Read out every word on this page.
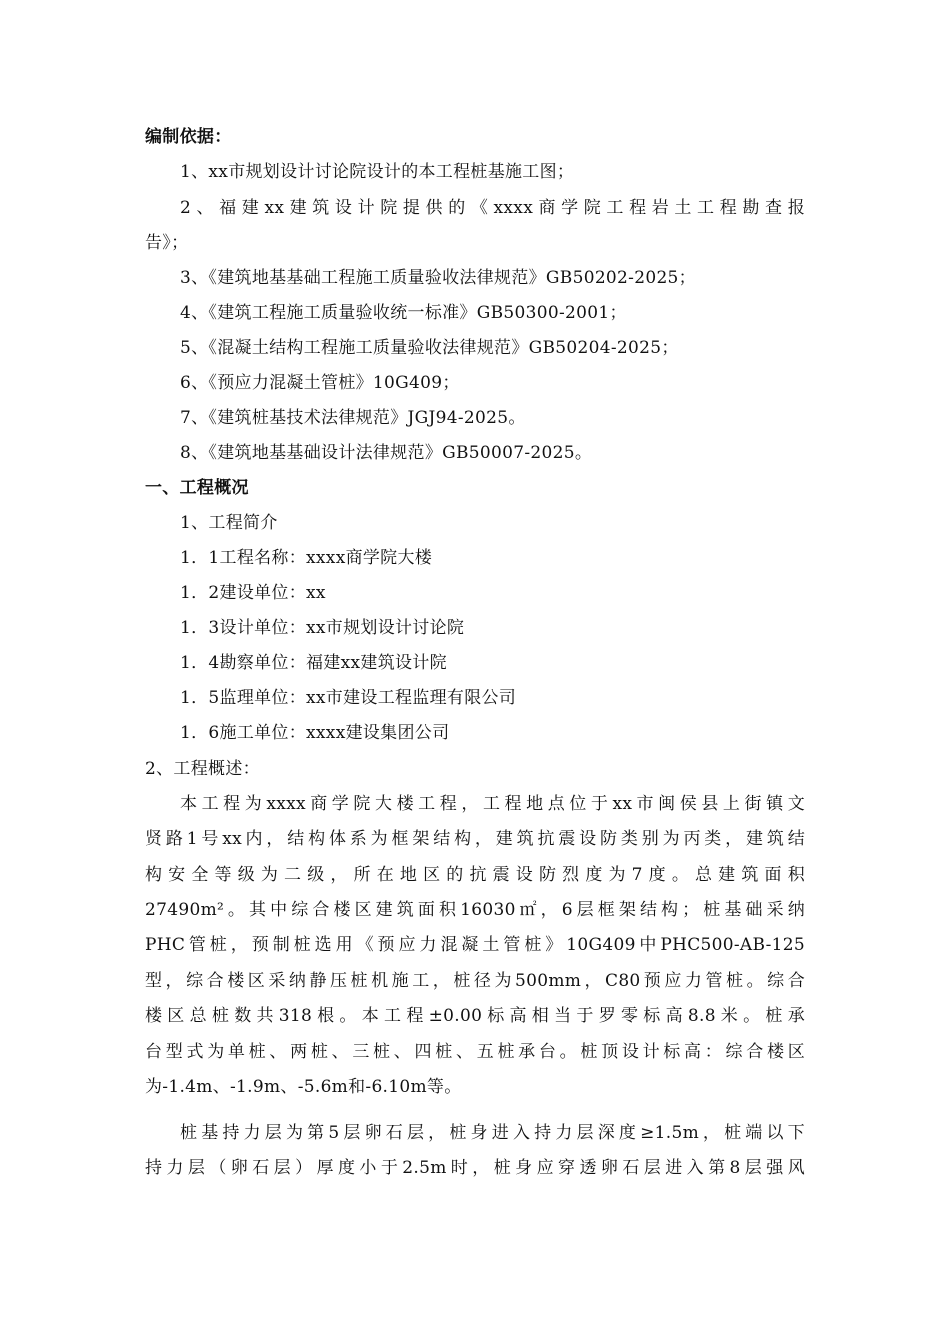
编制依据：
1、xx市规划设计讨论院设计的本工程桩基施工图；
2、福建xx建筑设计院提供的《xxxx商学院工程岩土工程勘查报
告》；
3、《建筑地基基础工程施工质量验收法律规范》GB50202-2025；
4、《建筑工程施工质量验收统一标准》GB50300-2001；
5、《混凝土结构工程施工质量验收法律规范》GB50204-2025；
6、《预应力混凝土管桩》10G409；
7、《建筑桩基技术法律规范》JGJ94-2025。
8、《建筑地基基础设计法律规范》GB50007-2025。
一、工程概况
1、工程简介
1．1工程名称：xxxx商学院大楼
1．2建设单位：xx
1．3设计单位：xx市规划设计讨论院
1．4勘察单位：福建xx建筑设计院
1．5监理单位：xx市建设工程监理有限公司
1．6施工单位：xxxx建设集团公司
2、工程概述：
本工程为xxxx商学院大楼工程，工程地点位于xx市闽侯县上街镇文
贤路1号xx内，结构体系为框架结构，建筑抗震设防类别为丙类，建筑结
构安全等级为二级，所在地区的抗震设防烈度为7度。总建筑面积
27490m²。其中综合楼区建筑面积16030㎡，6层框架结构；桩基础采纳
PHC管桩，预制桩选用《预应力混凝土管桩》10G409中PHC500-AB-125
型，综合楼区采纳静压桩机施工，桩径为500mm，C80预应力管桩。综合
楼区总桩数共318根。本工程±0.00标高相当于罗零标高8.8米。桩承
台型式为单桩、两桩、三桩、四桩、五桩承台。桩顶设计标高：综合楼区
为-1.4m、-1.9m、-5.6m和-6.10m等。
桩基持力层为第5层卵石层，桩身进入持力层深度≥1.5m，桩端以下
持力层（卵石层）厚度小于2.5m时，桩身应穿透卵石层进入第8层强风
